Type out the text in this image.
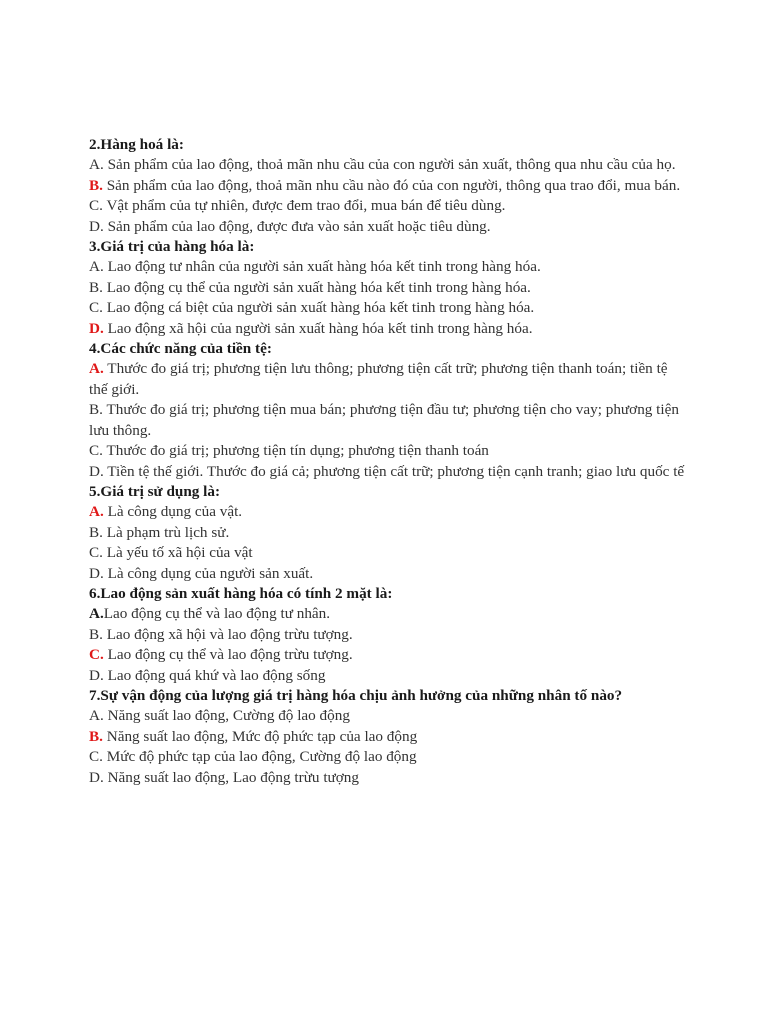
2.Hàng hoá là:
A. Sản phẩm của lao động, thoả mãn nhu cầu của con người sản xuất, thông qua nhu cầu của họ.
B. Sản phẩm của lao động, thoả mãn nhu cầu nào đó của con người, thông qua trao đổi, mua bán.
C. Vật phẩm của tự nhiên, được đem trao đổi, mua bán để tiêu dùng.
D. Sản phẩm của lao động, được đưa vào sản xuất hoặc tiêu dùng.
3.Giá trị của hàng hóa là:
A. Lao động tư nhân của người sản xuất hàng hóa kết tinh trong hàng hóa.
B. Lao động cụ thể của người sản xuất hàng hóa kết tinh trong hàng hóa.
C. Lao động cá biệt của người sản xuất hàng hóa kết tinh trong hàng hóa.
D. Lao động xã hội của người sản xuất hàng hóa kết tinh trong hàng hóa.
4.Các chức năng của tiền tệ:
A. Thước đo giá trị; phương tiện lưu thông; phương tiện cất trữ; phương tiện thanh toán; tiền tệ thế giới.
B. Thước đo giá trị; phương tiện mua bán; phương tiện đầu tư; phương tiện cho vay; phương tiện lưu thông.
C. Thước đo giá trị; phương tiện tín dụng; phương tiện thanh toán
D. Tiền tệ thế giới. Thước đo giá cả; phương tiện cất trữ; phương tiện cạnh tranh; giao lưu quốc tế
5.Giá trị sử dụng là:
A. Là công dụng của vật.
B. Là phạm trù lịch sử.
C. Là yếu tố xã hội của vật
D. Là công dụng của người sản xuất.
6.Lao động sản xuất hàng hóa có tính 2 mặt là:
A.Lao động cụ thể và lao động tư nhân.
B. Lao động xã hội và lao động trừu tượng.
C. Lao động cụ thể và lao động trừu tượng.
D. Lao động quá khứ và lao động sống
7.Sự vận động của lượng giá trị hàng hóa chịu ảnh hưởng của những nhân tố nào?
A. Năng suất lao động, Cường độ lao động
B. Năng suất lao động, Mức độ phức tạp của lao động
C. Mức độ phức tạp của lao động, Cường độ lao động
D. Năng suất lao động, Lao động trừu tượng
